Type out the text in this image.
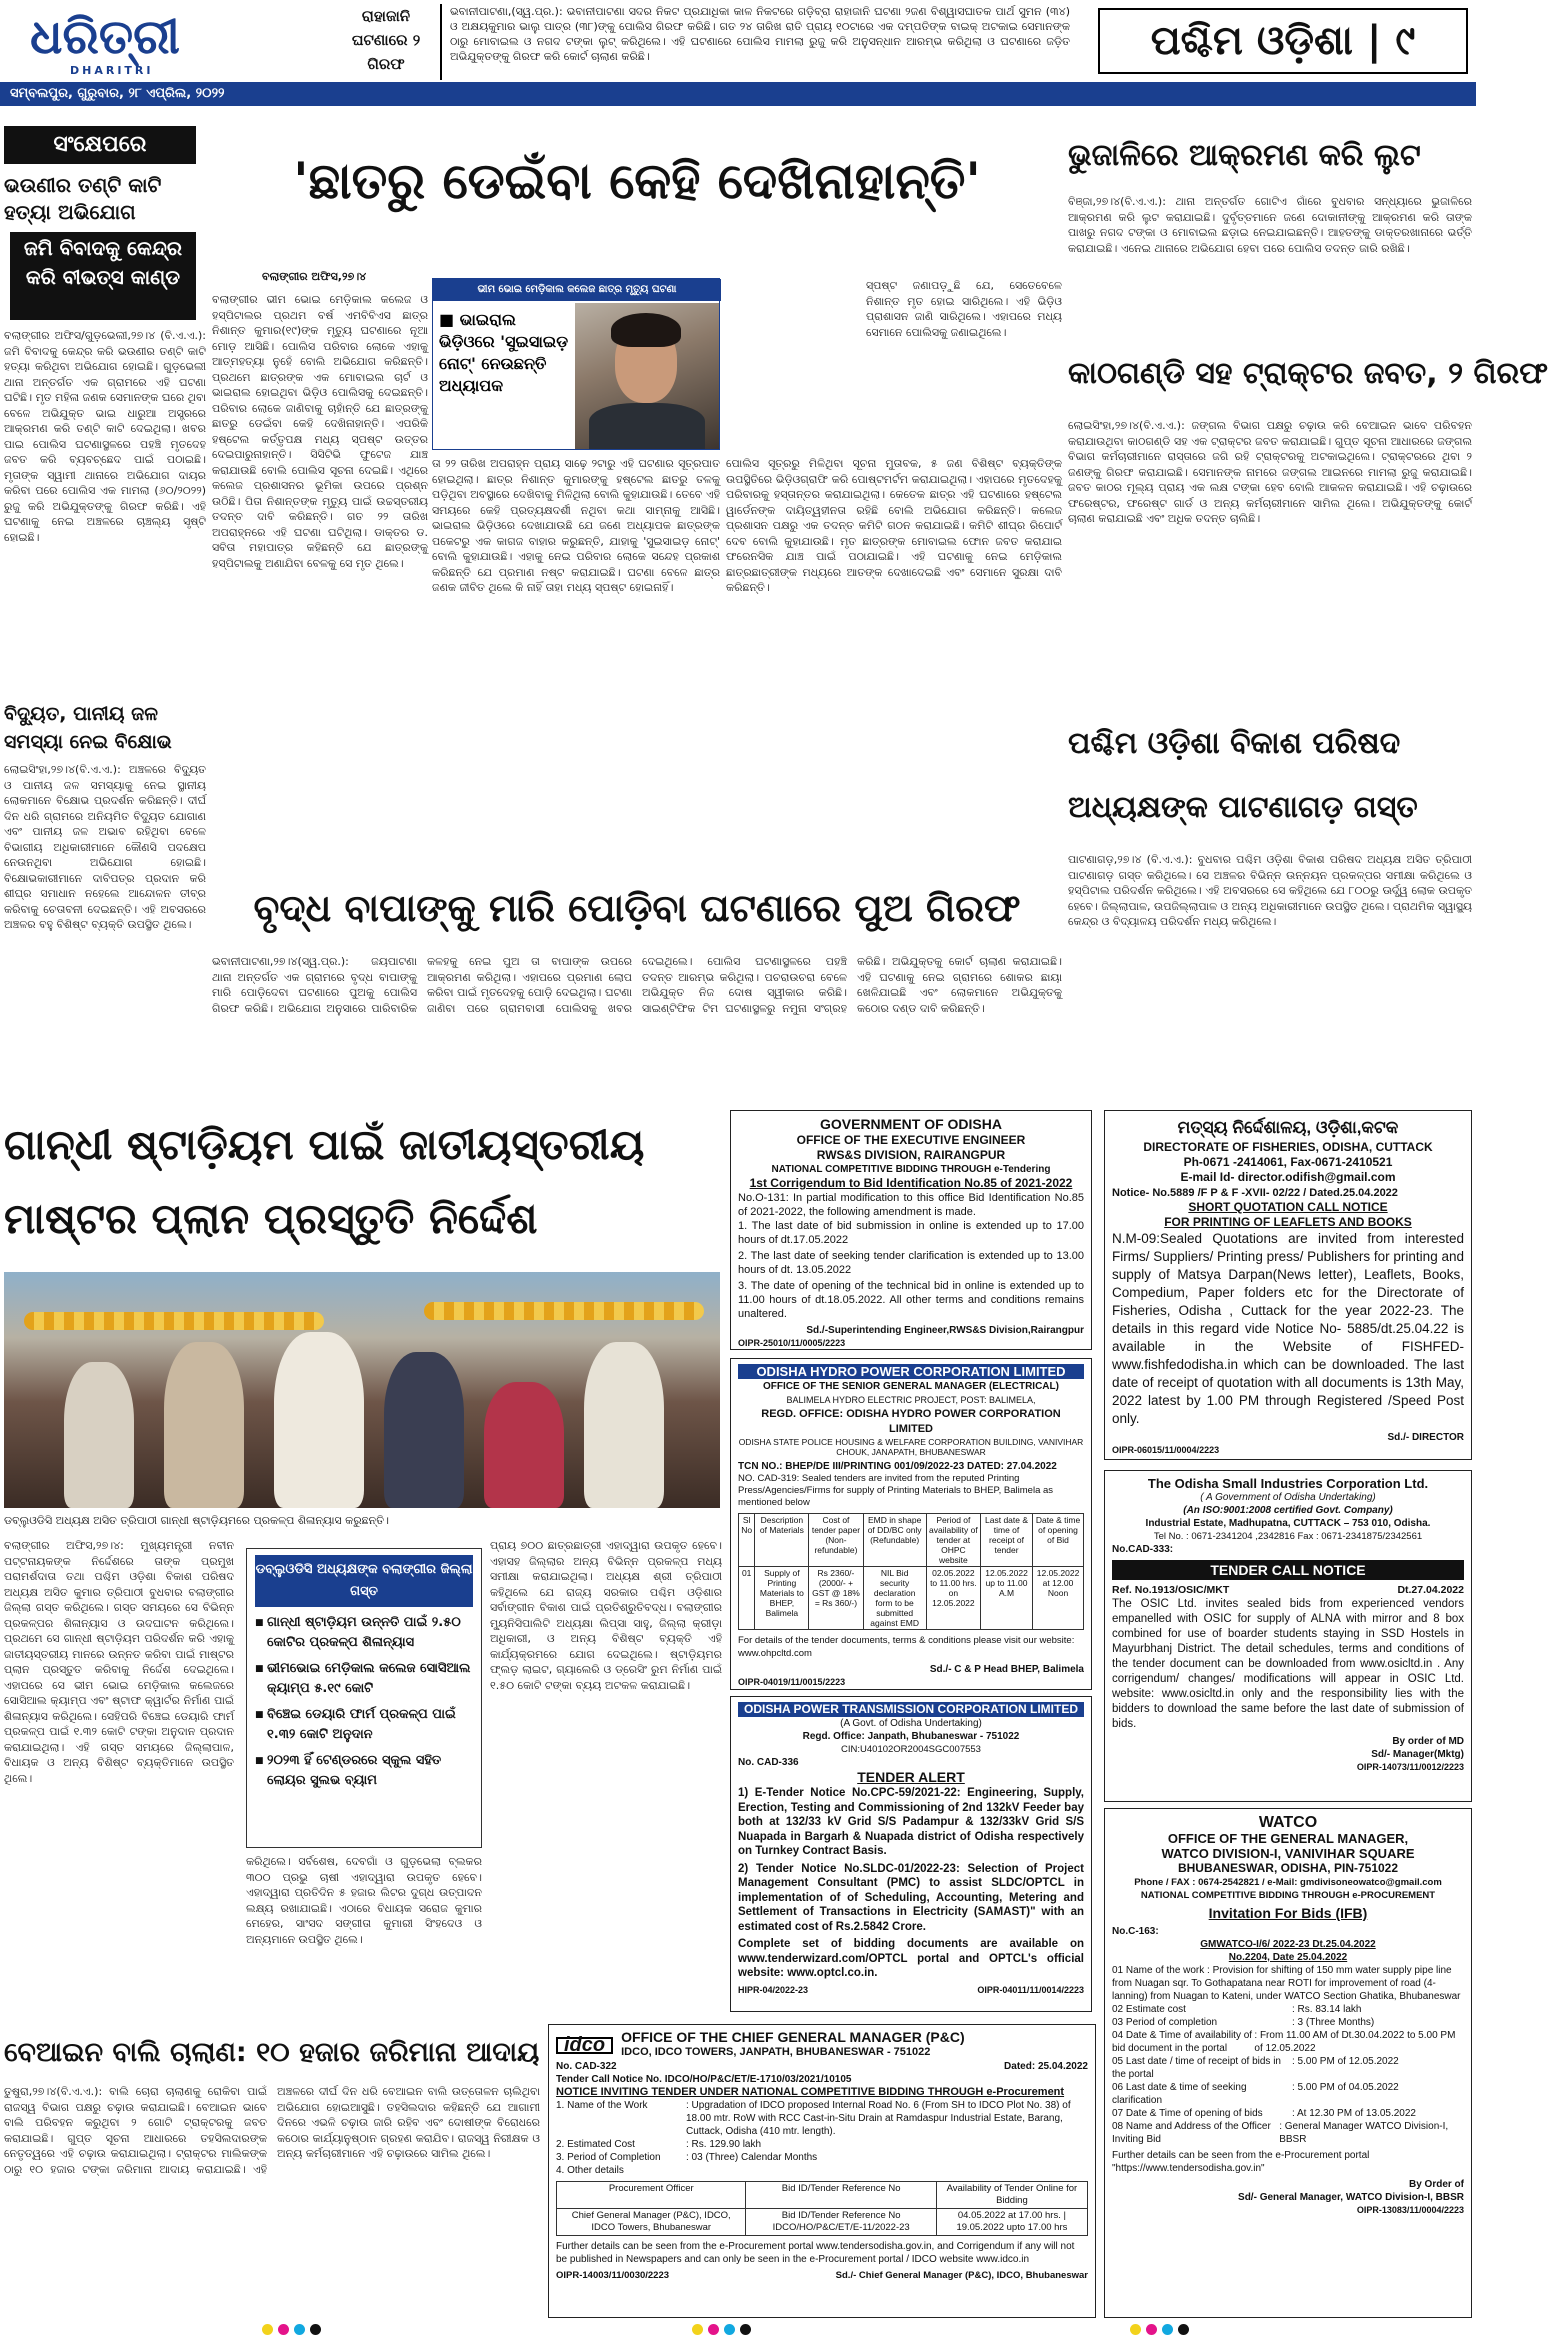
ଧରିତ୍ରୀ
DHARITRI
ରାହାଜାନି ଘଟଣାରେ ୨ ଗିରଫ
ଭବାନୀପାଟଣା,(ସ୍ୱ.ପ୍ର.): ଭବାନୀପାଟଣା ସଦର ନିକଟ ପ୍ରଯାଧିକା କାଳ ନିକଟରେ ଗଡ଼ିବ୍ରା ରାହାଜାନି ଘଟଣା ୨ଜଣ ବିଶ୍ୱାସଘାତକ ପାର୍ଥ ସୁମନ (୩୪) ଓ ଅକ୍ଷୟକୁମାର ଭାଲୁ ପାତ୍ର (୩୮)ଙ୍କୁ ପୋଲିସ ଗିରଫ କରିଛି। ଗତ ୨୪ ତାରିଖ ରାତି ପ୍ରାୟ ୧୦ଟାରେ ଏକ ଦମ୍ପତିଙ୍କ ବାଇକ୍ ଅଟକାଇ ସେମାନଙ୍କ ଠାରୁ ମୋବାଇଲ ଓ ନଗଦ ଟଙ୍କା ଲୁଟ୍ କରିଥିଲେ। ଏହି ଘଟଣାରେ ପୋଲିସ ମାମଲା ରୁଜୁ କରି ଅନୁସନ୍ଧାନ ଆରମ୍ଭ କରିଥିଲା ଓ ଘଟଣାରେ ଜଡ଼ିତ ଅଭିଯୁକ୍ତଙ୍କୁ ଗିରଫ କରି କୋର୍ଟ ଚାଲାଣ କରିଛି।	ପଶ୍ଚିମ ଓଡ଼ିଶା | ୯
ସମ୍ବଲପୁର, ଗୁରୁବାର, ୨୮ ଏପ୍ରିଲ, ୨୦୨୨
ସଂକ୍ଷେପରେ
ଭଉଣୀର ତଣ୍ଟି କାଟି ହତ୍ୟା ଅଭିଯୋଗ
ଜମି ବିବାଦକୁ କେନ୍ଦ୍ର କରି ବୀଭତ୍ସ କାଣ୍ଡ
ବଲାଙ୍ଗୀର ଅଫିସ/ଗୁଡ଼ଭେଲୀ,୨୭।୪ (ବି.ଏ.ଏ.): ଜମି ବିବାଦକୁ କେନ୍ଦ୍ର କରି ଭଉଣୀର ତଣ୍ଟି କାଟି ହତ୍ୟା କରିଥିବା ଅଭିଯୋଗ ହୋଇଛି। ଗୁଡ଼ଭେଲୀ ଥାନା ଅନ୍ତର୍ଗତ ଏକ ଗ୍ରାମରେ ଏହି ଘଟଣା ଘଟିଛି। ମୃତ ମହିଳା ଜଣକ ସେମାନଙ୍କ ଘରେ ଥିବା ବେଳେ ଅଭିଯୁକ୍ତ ଭାଇ ଧାରୁଆ ଅସ୍ତ୍ରରେ ଆକ୍ରମଣ କରି ତଣ୍ଟି କାଟି ଦେଇଥିଲା। ଖବର ପାଇ ପୋଲିସ ଘଟଣାସ୍ଥଳରେ ପହଞ୍ଚି ମୃତଦେହ ଜବତ କରି ବ୍ୟବଚ୍ଛେଦ ପାଇଁ ପଠାଇଛି। ମୃତାଙ୍କ ସ୍ୱାମୀ ଥାନାରେ ଅଭିଯୋଗ ଦାୟର କରିବା ପରେ ପୋଲିସ ଏକ ମାମଲା (୬୦/୨୦୨୨) ରୁଜୁ କରି ଅଭିଯୁକ୍ତଙ୍କୁ ଗିରଫ କରିଛି। ଏହି ଘଟଣାକୁ ନେଇ ଅଞ୍ଚଳରେ ଚାଞ୍ଚଲ୍ୟ ସୃଷ୍ଟି ହୋଇଛି।
ବିଦ୍ୟୁତ, ପାନୀୟ ଜଳ ସମସ୍ୟା ନେଇ ବିକ୍ଷୋଭ
ଲୋଇସିଂହା,୨୭।୪(ବି.ଏ.ଏ.): ଅଞ୍ଚଳରେ ବିଦ୍ୟୁତ ଓ ପାନୀୟ ଜଳ ସମସ୍ୟାକୁ ନେଇ ସ୍ଥାନୀୟ ଲୋକମାନେ ବିକ୍ଷୋଭ ପ୍ରଦର୍ଶନ କରିଛନ୍ତି। ଦୀର୍ଘ ଦିନ ଧରି ଗ୍ରାମରେ ଅନିୟମିତ ବିଦ୍ୟୁତ ଯୋଗାଣ ଏବଂ ପାନୀୟ ଜଳ ଅଭାବ ରହିଥିବା ବେଳେ ବିଭାଗୀୟ ଅଧିକାରୀମାନେ କୌଣସି ପଦକ୍ଷେପ ନେଉନଥିବା ଅଭିଯୋଗ ହୋଇଛି। ବିକ୍ଷୋଭକାରୀମାନେ ଦାବିପତ୍ର ପ୍ରଦାନ କରି ଶୀଘ୍ର ସମାଧାନ ନହେଲେ ଆନ୍ଦୋଳନ ତୀବ୍ର କରିବାକୁ ଚେତାବନୀ ଦେଇଛନ୍ତି। ଏହି ଅବସରରେ ଅଞ୍ଚଳର ବହୁ ବିଶିଷ୍ଟ ବ୍ୟକ୍ତି ଉପସ୍ଥିତ ଥିଲେ।
'ଛାତରୁ ଡେଇଁବା କେହି ଦେଖିନାହାନ୍ତି'
ବଲାଙ୍ଗୀର ଅଫିସ,୨୭।୪
ବଲାଙ୍ଗୀର ଭୀମ ଭୋଇ ମେଡ଼ିକାଲ କଲେଜ ଓ ହସ୍ପିଟାଲର ପ୍ରଥମ ବର୍ଷ ଏମବିବିଏସ ଛାତ୍ର ନିଶାନ୍ତ କୁମାର(୧୯)ଙ୍କ ମୃତ୍ୟୁ ଘଟଣାରେ ନୂଆ ମୋଡ଼ ଆସିଛି। ପୋଲିସ ପରିବାର ଲୋକେ ଏହାକୁ ଆତ୍ମହତ୍ୟା ନୁହେଁ ବୋଲି ଅଭିଯୋଗ କରିଛନ୍ତି। ପ୍ରଥମେ ଛାତ୍ରଙ୍କ ଏକ ମୋବାଇଲ ଚାର୍ଟ ଓ ଭାଇରାଲ ହୋଇଥିବା ଭିଡ଼ିଓ ପୋଲିସକୁ ଦେଇଛନ୍ତି। ପରିବାର ଲୋକେ ଜାଣିବାକୁ ଚାହାଁନ୍ତି ଯେ ଛାତ୍ରଙ୍କୁ ଛାତରୁ ଡେଇଁବା କେହି ଦେଖିନାହାନ୍ତି। ଏପରିକି ହଷ୍ଟେଲ କର୍ତ୍ତୃପକ୍ଷ ମଧ୍ୟ ସ୍ପଷ୍ଟ ଉତ୍ତର ଦେଇପାରୁନାହାନ୍ତି। ସିସିଟିଭି ଫୁଟେଜ ଯାଞ୍ଚ କରାଯାଉଛି ବୋଲି ପୋଲିସ ସୂଚନା ଦେଇଛି। ଏଥିରେ କଲେଜ ପ୍ରଶାସନର ଭୂମିକା ଉପରେ ପ୍ରଶ୍ନ ଉଠିଛି। ପିତା ନିଶାନ୍ତଙ୍କ ମୃତ୍ୟୁ ପାଇଁ ଉଚ୍ଚସ୍ତରୀୟ ତଦନ୍ତ ଦାବି କରିଛନ୍ତି। ଗତ ୨୨ ତାରିଖ ଅପରାହ୍ନରେ ଏହି ଘଟଣା ଘଟିଥିଲା। ଡାକ୍ତର ଡ. ସବିତା ମହାପାତ୍ର କହିଛନ୍ତି ଯେ ଛାତ୍ରଙ୍କୁ ହସ୍ପିଟାଲକୁ ଅଣାଯିବା ବେଳକୁ ସେ ମୃତ ଥିଲେ।
ଭୀମ ଭୋଇ ମେଡ଼ିକାଲ କଲେଜ ଛାତ୍ର ମୃତ୍ୟୁ ଘଟଣା
■ ଭାଇରାଲ ଭିଡ଼ିଓରେ 'ସୁଇସାଇଡ଼ ନୋଟ୍' ନେଉଛନ୍ତି ଅଧ୍ୟାପକ
ସ୍ପଷ୍ଟ ଜଣାପଡ଼ୁଛି ଯେ, ସେତେବେଳେ ନିଶାନ୍ତ ମୃତ ହୋଇ ସାରିଥିଲେ। ଏହି ଭିଡ଼ିଓ ପ୍ରାଶାସନ ଜାଣି ସାରିଥିଲେ। ଏହାପରେ ମଧ୍ୟ ସେମାନେ ପୋଲିସକୁ ଜଣାଇଥିଲେ।
ତା ୨୨ ତାରିଖ ଅପରାହ୍ନ ପ୍ରାୟ ସାଢ଼େ ୨ଟାରୁ ଏହି ଘଟଣାର ସୂତ୍ରପାତ ହୋଇଥିଲା। ଛାତ୍ର ନିଶାନ୍ତ କୁମାରଙ୍କୁ ହଷ୍ଟେଲ ଛାତରୁ ତଳକୁ ପଡ଼ିଥିବା ଅବସ୍ଥାରେ ଦେଖିବାକୁ ମିଳିଥିଲା ବୋଲି କୁହାଯାଉଛି। ତେବେ ଏହି ସମୟରେ କେହି ପ୍ରତ୍ୟକ୍ଷଦର୍ଶୀ ନଥିବା କଥା ସାମ୍ନାକୁ ଆସିଛି। ଭାଇରାଲ ଭିଡ଼ିଓରେ ଦେଖାଯାଉଛି ଯେ ଜଣେ ଅଧ୍ୟାପକ ଛାତ୍ରଙ୍କ ପକେଟରୁ ଏକ କାଗଜ ବାହାର କରୁଛନ୍ତି, ଯାହାକୁ 'ସୁଇସାଇଡ଼ ନୋଟ୍' ବୋଲି କୁହାଯାଉଛି। ଏହାକୁ ନେଇ ପରିବାର ଲୋକେ ସନ୍ଦେହ ପ୍ରକାଶ କରିଛନ୍ତି ଯେ ପ୍ରମାଣ ନଷ୍ଟ କରାଯାଇଛି। ଘଟଣା ବେଳେ ଛାତ୍ର ଜଣକ ଜୀବିତ ଥିଲେ କି ନାହିଁ ତାହା ମଧ୍ୟ ସ୍ପଷ୍ଟ ହୋଇନାହିଁ।
ପୋଲିସ ସୂତ୍ରରୁ ମିଳିଥିବା ସୂଚନା ମୁତାବକ, ୫ ଜଣ ବିଶିଷ୍ଟ ବ୍ୟକ୍ତିଙ୍କ ଉପସ୍ଥିତିରେ ଭିଡ଼ିଓଗ୍ରାଫି କରି ପୋଷ୍ଟମର୍ଟମ କରାଯାଇଥିଲା। ଏହାପରେ ମୃତଦେହକୁ ପରିବାରକୁ ହସ୍ତାନ୍ତର କରାଯାଇଥିଲା। କେତେକ ଛାତ୍ର ଏହି ଘଟଣାରେ ହଷ୍ଟେଲ ୱାର୍ଡେନଙ୍କ ଦାୟିତ୍ୱହୀନତା ରହିଛି ବୋଲି ଅଭିଯୋଗ କରିଛନ୍ତି। କଲେଜ ପ୍ରଶାସନ ପକ୍ଷରୁ ଏକ ତଦନ୍ତ କମିଟି ଗଠନ କରାଯାଇଛି। କମିଟି ଶୀଘ୍ର ରିପୋର୍ଟ ଦେବ ବୋଲି କୁହାଯାଉଛି। ମୃତ ଛାତ୍ରଙ୍କ ମୋବାଇଲ ଫୋନ ଜବତ କରାଯାଇ ଫରେନସିକ ଯାଞ୍ଚ ପାଇଁ ପଠାଯାଇଛି। ଏହି ଘଟଣାକୁ ନେଇ ମେଡ଼ିକାଲ ଛାତ୍ରଛାତ୍ରୀଙ୍କ ମଧ୍ୟରେ ଆତଙ୍କ ଦେଖାଦେଇଛି ଏବଂ ସେମାନେ ସୁରକ୍ଷା ଦାବି କରିଛନ୍ତି।
ଭୁଜାଳିରେ ଆକ୍ରମଣ କରି ଲୁଟ
ବିଞ୍ଜା,୨୭।୪(ବି.ଏ.ଏ.): ଥାନା ଅନ୍ତର୍ଗତ ଗୋଟିଏ ଗାଁରେ ବୁଧବାର ସନ୍ଧ୍ୟାରେ ଭୁଜାଳିରେ ଆକ୍ରମଣ କରି ଲୁଟ କରାଯାଇଛି। ଦୁର୍ବୃତ୍ତମାନେ ଜଣେ ଦୋକାନୀଙ୍କୁ ଆକ୍ରମଣ କରି ତାଙ୍କ ପାଖରୁ ନଗଦ ଟଙ୍କା ଓ ମୋବାଇଲ ଛଡ଼ାଇ ନେଇଯାଇଛନ୍ତି। ଆହତଙ୍କୁ ଡାକ୍ତରଖାନାରେ ଭର୍ତ୍ତି କରାଯାଇଛି। ଏନେଇ ଥାନାରେ ଅଭିଯୋଗ ହେବା ପରେ ପୋଲିସ ତଦନ୍ତ ଜାରି ରଖିଛି।
କାଠଗଣ୍ଡି ସହ ଟ୍ରାକ୍ଟର ଜବତ, ୨ ଗିରଫ
ଲୋଇସିଂହା,୨୭।୪(ବି.ଏ.ଏ.): ଜଙ୍ଗଲ ବିଭାଗ ପକ୍ଷରୁ ଚଢ଼ାଉ କରି ବେଆଇନ ଭାବେ ପରିବହନ କରାଯାଉଥିବା କାଠଗଣ୍ଡି ସହ ଏକ ଟ୍ରାକ୍ଟର ଜବତ କରାଯାଇଛି। ଗୁପ୍ତ ସୂଚନା ଆଧାରରେ ଜଙ୍ଗଲ ବିଭାଗ କର୍ମଚାରୀମାନେ ରାସ୍ତାରେ ଜଗି ରହି ଟ୍ରାକ୍ଟରକୁ ଅଟକାଇଥିଲେ। ଟ୍ରାକ୍ଟରରେ ଥିବା ୨ ଜଣଙ୍କୁ ଗିରଫ କରାଯାଇଛି। ସେମାନଙ୍କ ନାମରେ ଜଙ୍ଗଲ ଆଇନରେ ମାମଲା ରୁଜୁ କରାଯାଇଛି। ଜବତ କାଠର ମୂଲ୍ୟ ପ୍ରାୟ ଏକ ଲକ୍ଷ ଟଙ୍କା ହେବ ବୋଲି ଆକଳନ କରାଯାଇଛି। ଏହି ଚଢ଼ାଉରେ ଫରେଷ୍ଟର, ଫରେଷ୍ଟ ଗାର୍ଡ ଓ ଅନ୍ୟ କର୍ମଚାରୀମାନେ ସାମିଲ ଥିଲେ। ଅଭିଯୁକ୍ତଙ୍କୁ କୋର୍ଟ ଚାଲାଣ କରାଯାଇଛି ଏବଂ ଅଧିକ ତଦନ୍ତ ଚାଲିଛି।
ପଶ୍ଚିମ ଓଡ଼ିଶା ବିକାଶ ପରିଷଦ ଅଧ୍ୟକ୍ଷଙ୍କ ପାଟଣାଗଡ଼ ଗସ୍ତ
ପାଟଣାଗଡ଼,୨୭।୪ (ବି.ଏ.ଏ.): ବୁଧବାର ପଶ୍ଚିମ ଓଡ଼ିଶା ବିକାଶ ପରିଷଦ ଅଧ୍ୟକ୍ଷ ଅସିତ ତ୍ରିପାଠୀ ପାଟଣାଗଡ଼ ଗସ୍ତ କରିଥିଲେ। ସେ ଅଞ୍ଚଳର ବିଭିନ୍ନ ଉନ୍ନୟନ ପ୍ରକଳ୍ପର ସମୀକ୍ଷା କରିଥିଲେ ଓ ହସ୍ପିଟାଲ ପରିଦର୍ଶନ କରିଥିଲେ। ଏହି ଅବସରରେ ସେ କହିଥିଲେ ଯେ ୮୦୦ରୁ ଊର୍ଦ୍ଧ୍ୱ ଲୋକ ଉପକୃତ ହେବେ। ଜିଲ୍ଲାପାଳ, ଉପଜିଲ୍ଲାପାଳ ଓ ଅନ୍ୟ ଅଧିକାରୀମାନେ ଉପସ୍ଥିତ ଥିଲେ। ପ୍ରାଥମିକ ସ୍ୱାସ୍ଥ୍ୟ କେନ୍ଦ୍ର ଓ ବିଦ୍ୟାଳୟ ପରିଦର୍ଶନ ମଧ୍ୟ କରିଥିଲେ।
ବୃଦ୍ଧ ବାପାଙ୍କୁ ମାରି ପୋଡ଼ିବା ଘଟଣାରେ ପୁଅ ଗିରଫ
ଭବାନୀପାଟଣା,୨୭।୪(ସ୍ୱ.ପ୍ର.): ଜୟପାଟଣା ଥାନା ଅନ୍ତର୍ଗତ ଏକ ଗ୍ରାମରେ ବୃଦ୍ଧ ବାପାଙ୍କୁ ମାରି ପୋଡ଼ିଦେବା ଘଟଣାରେ ପୁଅକୁ ପୋଲିସ ଗିରଫ କରିଛି। ଅଭିଯୋଗ ଅନୁସାରେ ପାରିବାରିକ କଳହକୁ ନେଇ ପୁଅ ତା ବାପାଙ୍କ ଉପରେ ଆକ୍ରମଣ କରିଥିଲା। ଏହାପରେ ପ୍ରମାଣ ଲୋପ କରିବା ପାଇଁ ମୃତଦେହକୁ ପୋଡ଼ି ଦେଇଥିଲା। ଘଟଣା ଜାଣିବା ପରେ ଗ୍ରାମବାସୀ ପୋଲିସକୁ ଖବର ଦେଇଥିଲେ। ପୋଲିସ ଘଟଣାସ୍ଥଳରେ ପହଞ୍ଚି ତଦନ୍ତ ଆରମ୍ଭ କରିଥିଲା। ପଚରାଉଚରା ବେଳେ ଅଭିଯୁକ୍ତ ନିଜ ଦୋଷ ସ୍ୱୀକାର କରିଛି। ସାଇଣ୍ଟିଫିକ ଟିମ ଘଟଣାସ୍ଥଳରୁ ନମୁନା ସଂଗ୍ରହ କରିଛି। ଅଭିଯୁକ୍ତକୁ କୋର୍ଟ ଚାଲାଣ କରାଯାଇଛି। ଏହି ଘଟଣାକୁ ନେଇ ଗ୍ରାମରେ ଶୋକର ଛାୟା ଖେଳିଯାଇଛି ଏବଂ ଲୋକମାନେ ଅଭିଯୁକ୍ତକୁ କଠୋର ଦଣ୍ଡ ଦାବି କରିଛନ୍ତି।
ଗାନ୍ଧୀ ଷ୍ଟାଡ଼ିୟମ ପାଇଁ ଜାତୀୟସ୍ତରୀୟ ମାଷ୍ଟର ପ୍ଲାନ ପ୍ରସ୍ତୁତି ନିର୍ଦ୍ଦେଶ
ଡବ୍ଲୁଓଡିସି ଅଧ୍ୟକ୍ଷ ଅସିତ ତ୍ରିପାଠୀ ଗାନ୍ଧୀ ଷ୍ଟାଡ଼ିୟମରେ ପ୍ରକଳ୍ପ ଶିଳାନ୍ୟାସ କରୁଛନ୍ତି।
ବଲାଙ୍ଗୀର ଅଫିସ,୨୭।୪: ମୁଖ୍ୟମନ୍ତ୍ରୀ ନବୀନ ପଟ୍ଟନାୟକଙ୍କ ନିର୍ଦ୍ଦେଶରେ ତାଙ୍କ ପ୍ରମୁଖ ପରାମର୍ଶଦାତା ତଥା ପଶ୍ଚିମ ଓଡ଼ିଶା ବିକାଶ ପରିଷଦ ଅଧ୍ୟକ୍ଷ ଅସିତ କୁମାର ତ୍ରିପାଠୀ ବୁଧବାର ବଲାଙ୍ଗୀର ଜିଲ୍ଲା ଗସ୍ତ କରିଥିଲେ। ଗସ୍ତ ସମୟରେ ସେ ବିଭିନ୍ନ ପ୍ରକଳ୍ପର ଶିଳାନ୍ୟାସ ଓ ଉଦଘାଟନ କରିଥିଲେ। ପ୍ରଥମେ ସେ ଗାନ୍ଧୀ ଷ୍ଟାଡ଼ିୟମ ପରିଦର୍ଶନ କରି ଏହାକୁ ଜାତୀୟସ୍ତରୀୟ ମାନରେ ଉନ୍ନତ କରିବା ପାଇଁ ମାଷ୍ଟର ପ୍ଲାନ ପ୍ରସ୍ତୁତ କରିବାକୁ ନିର୍ଦ୍ଦେଶ ଦେଇଥିଲେ। ଏହାପରେ ସେ ଭୀମ ଭୋଇ ମେଡ଼ିକାଲ କଲେଜରେ ସୋସିଆଲ କ୍ୟାମ୍ପ ଏବଂ ଷ୍ଟାଫ କ୍ୱାର୍ଟର ନିର୍ମାଣ ପାଇଁ ଶିଳାନ୍ୟାସ କରିଥିଲେ। ସେହିପରି ବିଞ୍ଚେଇ ଡେୟାରି ଫାର୍ମ ପ୍ରକଳ୍ପ ପାଇଁ ୧.୩୨ କୋଟି ଟଙ୍କା ଅନୁଦାନ ପ୍ରଦାନ କରାଯାଇଥିଲା। ଏହି ଗସ୍ତ ସମୟରେ ଜିଲ୍ଲାପାଳ, ବିଧାୟକ ଓ ଅନ୍ୟ ବିଶିଷ୍ଟ ବ୍ୟକ୍ତିମାନେ ଉପସ୍ଥିତ ଥିଲେ।
ଡବ୍ଲୁଓଡିସି ଅଧ୍ୟକ୍ଷଙ୍କ ବଲାଙ୍ଗୀର ଜିଲ୍ଲା ଗସ୍ତ
■ ଗାନ୍ଧୀ ଷ୍ଟାଡ଼ିୟମ ଉନ୍ନତି ପାଇଁ ୨.୫୦ କୋଟିର ପ୍ରକଳ୍ପ ଶିଳାନ୍ୟାସ
■ ଭୀମଭୋଇ ମେଡ଼ିକାଲ କଲେଜ ସୋସିଆଲ କ୍ୟାମ୍ପ ୫.୧୯ କୋଟି
■ ବିଞ୍ଚେଇ ଡେୟାରି ଫାର୍ମ ପ୍ରକଳ୍ପ ପାଇଁ ୧.୩୨ କୋଟି ଅନୁଦାନ
■ ୨୦୨୩ ହିଁ ଟେଣ୍ଡରରେ ସ୍କୁଲ ସହିତ ଲୋୟର ସୁଲଭ ବ୍ୟାମ
କରିଥିଲେ। ସର୍ବଶେଷ, ଦେବଗାଁ ଓ ଗୁଡ଼ଭେଲା ବ୍ଲକର ୩୦୦ ପ୍ରଭୁ ଚାଷୀ ଏହାଦ୍ୱାରା ଉପକୃତ ହେବେ। ଏହାଦ୍ୱାରା ପ୍ରତିଦିନ ୫ ହଜାର ଲିଟର ଦୁଗ୍ଧ ଉତ୍ପାଦନ ଲକ୍ଷ୍ୟ ରଖାଯାଇଛି। ଏଠାରେ ବିଧାୟକ ସରୋଜ କୁମାର ମେହେର, ସାଂସଦ ସଙ୍ଗୀତା କୁମାରୀ ସିଂହଦେଓ ଓ ଅନ୍ୟମାନେ ଉପସ୍ଥିତ ଥିଲେ।
ପ୍ରାୟ ୭୦୦ ଛାତ୍ରଛାତ୍ରୀ ଏହାଦ୍ୱାରା ଉପକୃତ ହେବେ। ଏହାସହ ଜିଲ୍ଲାର ଅନ୍ୟ ବିଭିନ୍ନ ପ୍ରକଳ୍ପ ମଧ୍ୟ ସମୀକ୍ଷା କରାଯାଇଥିଲା। ଅଧ୍ୟକ୍ଷ ଶ୍ରୀ ତ୍ରିପାଠୀ କହିଥିଲେ ଯେ ରାଜ୍ୟ ସରକାର ପଶ୍ଚିମ ଓଡ଼ିଶାର ସର୍ବାଙ୍ଗୀନ ବିକାଶ ପାଇଁ ପ୍ରତିଶ୍ରୁତିବଦ୍ଧ। ବଲାଙ୍ଗୀର ମ୍ୟୁନିସିପାଲିଟି ଅଧ୍ୟକ୍ଷା ଲିପ୍ସା ସାହୁ, ଜିଲ୍ଲା କ୍ରୀଡ଼ା ଅଧିକାରୀ, ଓ ଅନ୍ୟ ବିଶିଷ୍ଟ ବ୍ୟକ୍ତି ଏହି କାର୍ଯ୍ୟକ୍ରମରେ ଯୋଗ ଦେଇଥିଲେ। ଷ୍ଟାଡ଼ିୟମର ଫ୍ଲଡ଼ ଲାଇଟ, ଗ୍ୟାଲେରି ଓ ଡ୍ରେସିଂ ରୁମ ନିର୍ମାଣ ପାଇଁ ୧.୫୦ କୋଟି ଟଙ୍କା ବ୍ୟୟ ଅଟକଳ କରାଯାଇଛି।
ବେଆଇନ ବାଲି ଚାଲାଣ: ୧୦ ହଜାର ଜରିମାନା ଆଦାୟ
ତୁଷୁରା,୨୭।୪(ବି.ଏ.ଏ.): ବାଲି ଚୋରା ଚାଲାଣକୁ ରୋକିବା ପାଇଁ ରାଜସ୍ୱ ବିଭାଗ ପକ୍ଷରୁ ଚଢ଼ାଉ କରାଯାଇଛି। ବେଆଇନ ଭାବେ ବାଲି ପରିବହନ କରୁଥିବା ୨ ଗୋଟି ଟ୍ରାକ୍ଟରକୁ ଜବତ କରାଯାଇଛି। ଗୁପ୍ତ ସୂଚନା ଆଧାରରେ ତହସିଲଦାରଙ୍କ ନେତୃତ୍ୱରେ ଏହି ଚଢ଼ାଉ କରାଯାଇଥିଲା। ଟ୍ରାକ୍ଟର ମାଲିକଙ୍କ ଠାରୁ ୧୦ ହଜାର ଟଙ୍କା ଜରିମାନା ଆଦାୟ କରାଯାଇଛି। ଏହି ଅଞ୍ଚଳରେ ଦୀର୍ଘ ଦିନ ଧରି ବେଆଇନ ବାଲି ଉତ୍ତୋଳନ ଚାଲିଥିବା ଅଭିଯୋଗ ହୋଇଆସୁଛି। ତହସିଲଦାର କହିଛନ୍ତି ଯେ ଆଗାମୀ ଦିନରେ ଏଭଳି ଚଢ଼ାଉ ଜାରି ରହିବ ଏବଂ ଦୋଷୀଙ୍କ ବିରୋଧରେ କଠୋର କାର୍ଯ୍ୟାନୁଷ୍ଠାନ ଗ୍ରହଣ କରାଯିବ। ରାଜସ୍ୱ ନିରୀକ୍ଷକ ଓ ଅନ୍ୟ କର୍ମଚାରୀମାନେ ଏହି ଚଢ଼ାଉରେ ସାମିଲ ଥିଲେ।
GOVERNMENT OF ODISHA
OFFICE OF THE EXECUTIVE ENGINEER
RWS&S DIVISION, RAIRANGPUR
NATIONAL COMPETITIVE BIDDING THROUGH e-Tendering
1st Corrigendum to Bid Identification No.85 of 2021-2022
No.O-131: In partial modification to this office Bid Identification No.85 of 2021-2022, the following amendment is made.
1. The last date of bid submission in online is extended up to 17.00 hours of dt.17.05.2022
2. The last date of seeking tender clarification is extended up to 13.00 hours of dt. 13.05.2022
3. The date of opening of the technical bid in online is extended up to 11.00 hours of dt.18.05.2022. All other terms and conditions remains unaltered.
Sd./-Superintending Engineer,RWS&S Division,Rairangpur
OIPR-25010/11/0005/2223
ମତ୍ସ୍ୟ ନିର୍ଦ୍ଦେଶାଳୟ, ଓଡ଼ିଶା,କଟକ
DIRECTORATE OF FISHERIES, ODISHA, CUTTACK
Ph-0671 -2414061, Fax-0671-2410521
E-mail Id- director.odifish@gmail.com
Notice- No.5889 /F P & F -XVII- 02/22 / Dated.25.04.2022
SHORT QUOTATION CALL NOTICE
FOR PRINTING OF LEAFLETS AND BOOKS
N.M-09:Sealed Quotations are invited from interested Firms/ Suppliers/ Printing press/ Publishers for printing and supply of Matsya Darpan(News letter), Leaflets, Books, Compedium, Paper folders etc for the Directorate of Fisheries, Odisha , Cuttack for the year 2022-23. The details in this regard vide Notice No- 5885/dt.25.04.22 is available in the Website of FISHFED- www.fishfedodisha.in which can be downloaded. The last date of receipt of quotation with all documents is 13th May, 2022 latest by 1.00 PM through Registered /Speed Post only.
Sd./- DIRECTOR
OIPR-06015/11/0004/2223
ODISHA HYDRO POWER CORPORATION LIMITED
OFFICE OF THE SENIOR GENERAL MANAGER (ELECTRICAL)
BALIMELA HYDRO ELECTRIC PROJECT, POST: BALIMELA,
REGD. OFFICE: ODISHA HYDRO POWER CORPORATION LIMITED
ODISHA STATE POLICE HOUSING & WELFARE CORPORATION BUILDING, VANIVIHAR CHOUK, JANAPATH, BHUBANESWAR
TCN NO.: BHEP/DE III/PRINTING 001/09/2022-23 DATED: 27.04.2022
NO. CAD-319: Sealed tenders are invited from the reputed Printing Press/Agencies/Firms for supply of Printing Materials to BHEP, Balimela as mentioned below
Sl No	Description of Materials	Cost of tender paper (Non-refundable)	EMD in shape of DD/BC only (Refundable)	Period of availability of tender at OHPC website	Last date & time of receipt of tender	Date & time of opening of Bid
01	Supply of Printing Materials to BHEP, Balimela	Rs 2360/- (2000/- + GST @ 18% = Rs 360/-)	NIL Bid security declaration form to be submitted against EMD	02.05.2022 to 11.00 hrs. on 12.05.2022	12.05.2022 up to 11.00 A.M	12.05.2022 at 12.00 Noon
For details of the tender documents, terms & conditions please visit our website: www.ohpcltd.com
Sd./- C & P Head BHEP, Balimela
OIPR-04019/11/0015/2223
The Odisha Small Industries Corporation Ltd.
( A Government of Odisha Undertaking)
(An ISO:9001:2008 certified Govt. Company)
Industrial Estate, Madhupatna, CUTTACK – 753 010, Odisha.
Tel No. : 0671-2341204 ,2342816 Fax : 0671-2341875/2342561
No.CAD-333:
TENDER CALL NOTICE
Ref. No.1913/OSIC/MKT	Dt.27.04.2022
The OSIC Ltd. invites sealed bids from experienced vendors empanelled with OSIC for supply of ALNA with mirror and 8 box combined for use of boarder students staying in SSD Hostels in Mayurbhanj District. The detail schedules, terms and conditions of the tender document can be downloaded from www.osicltd.in . Any corrigendum/ changes/ modifications will appear in OSIC Ltd. website: www.osicltd.in only and the responsibility lies with the bidders to download the same before the last date of submission of bids.
By order of MD
Sd/- Manager(Mktg)
OIPR-14073/11/0012/2223
ODISHA POWER TRANSMISSION CORPORATION LIMITED
(A Govt. of Odisha Undertaking)
Regd. Office: Janpath, Bhubaneswar - 751022
CIN:U40102OR2004SGC007553
No. CAD-336
TENDER ALERT
1) E-Tender Notice No.CPC-59/2021-22: Engineering, Supply, Erection, Testing and Commissioning of 2nd 132kV Feeder bay both at 132/33 kV Grid S/S Padampur & 132/33kV Grid S/S Nuapada in Bargarh & Nuapada district of Odisha respectively on Turnkey Contract Basis.
2) Tender Notice No.SLDC-01/2022-23: Selection of Project Management Consultant (PMC) to assist SLDC/OPTCL in implementation of of Scheduling, Accounting, Metering and Settlement of Transactions in Electricity (SAMAST)" with an estimated cost of Rs.2.5842 Crore.
Complete set of bidding documents are available on www.tenderwizard.com/OPTCL portal and OPTCL's official website: www.optcl.co.in.
HIPR-04/2022-23	OIPR-04011/11/0014/2223
WATCO
OFFICE OF THE GENERAL MANAGER,
WATCO DIVISION-I, VANIVIHAR SQUARE
BHUBANESWAR, ODISHA, PIN-751022
Phone / FAX : 0674-2542821 / e-Mail: gmdivisoneowatco@gmail.com
NATIONAL COMPETITIVE BIDDING THROUGH e-PROCUREMENT
Invitation For Bids (IFB)
No.C-163:
GMWATCO-I/6/ 2022-23 Dt.25.04.2022
No.2204, Date 25.04.2022
01 Name of the work : Provision for shifting of 150 mm water supply pipe line from Nuagan sqr. To Gothapatana near ROTI for improvement of road (4-lanning) from Nuagan to Kateni, under WATCO Section Ghatika, Bhubaneswar
02 Estimate cost	: Rs. 83.14 lakh
03 Period of completion	: 3 (Three Months)
04 Date & Time of availability of bid document in the portal
: From 11.00 AM of Dt.30.04.2022 to 5.00 PM of 12.05.2022
05 Last date / time of receipt of bids in the portal
: 5.00 PM of 12.05.2022
06 Last date & time of seeking clarification
: 5.00 PM of 04.05.2022
07 Date & Time of opening of bids	: At 12.30 PM of 13.05.2022
08 Name and Address of the Officer Inviting Bid
: General Manager WATCO Division-I, BBSR
Further details can be seen from the e-Procurement portal "https://www.tendersodisha.gov.in"
By Order of
Sd/- General Manager, WATCO Division-I, BBSR
OIPR-13083/11/0004/2223
idco	OFFICE OF THE CHIEF GENERAL MANAGER (P&C)
IDCO, IDCO TOWERS, JANPATH, BHUBANESWAR - 751022
No. CAD-322	Dated: 25.04.2022
Tender Call Notice No. IDCO/HO/P&C/ET/E-1710/03/2021/10105
NOTICE INVITING TENDER UNDER NATIONAL COMPETITIVE BIDDING THROUGH e-Procurement
1. Name of the Work	: Upgradation of IDCO proposed Internal Road No. 6 (From SH to IDCO Plot No. 38) of 18.00 mtr. RoW with RCC Cast-in-Situ Drain at Ramdaspur Industrial Estate, Barang, Cuttack, Odisha (410 mtr. length).
2. Estimated Cost	: Rs. 129.90 lakh
3. Period of Completion	: 03 (Three) Calendar Months
4. Other details
Procurement Officer	Bid ID/Tender Reference No	Availability of Tender Online for Bidding
Chief General Manager (P&C), IDCO, IDCO Towers, Bhubaneswar	Bid ID/Tender Reference No IDCO/HO/P&C/ET/E-11/2022-23	04.05.2022 at 17.00 hrs. | 19.05.2022 upto 17.00 hrs
Further details can be seen from the e-Procurement portal www.tendersodisha.gov.in, and Corrigendum if any will not be published in Newspapers and can only be seen in the e-Procurement portal / IDCO website www.idco.in
OIPR-14003/11/0030/2223	Sd./- Chief General Manager (P&C), IDCO, Bhubaneswar
